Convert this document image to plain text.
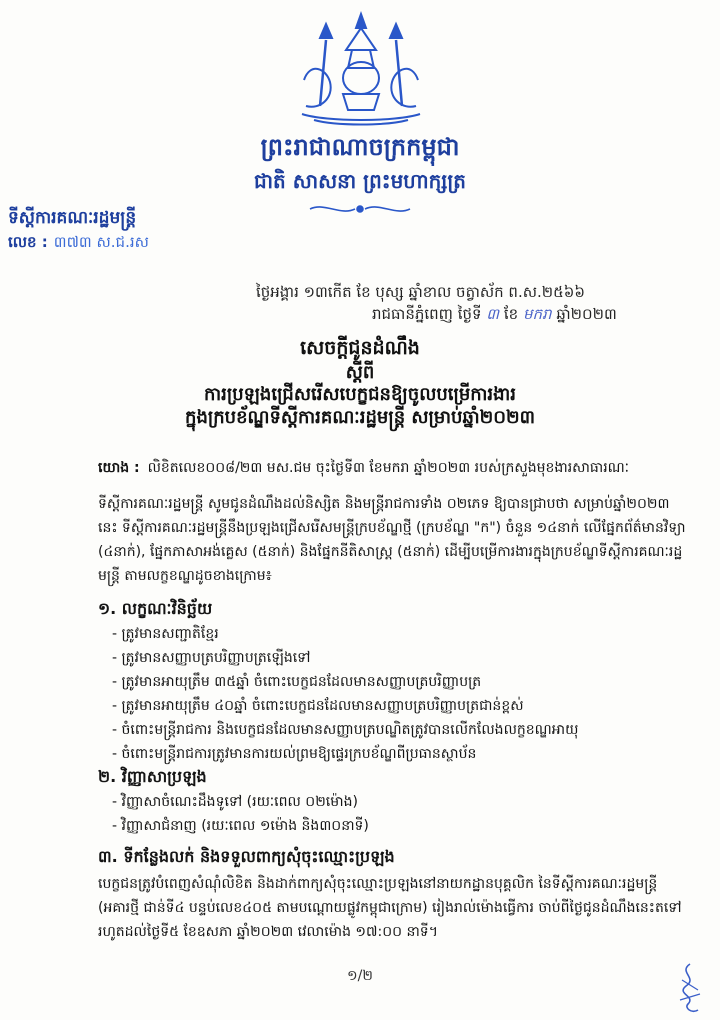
ព្រះរាជាណាចក្រកម្ពុជា
ជាតិ សាសនា ព្រះមហាក្សត្រ
ទីស្ដីការគណៈរដ្ឋមន្ត្រី
លេខ : ៣៧៣ ស.ជ.រស
ថ្ងៃអង្គារ ១៣កើត ខែ បុស្ស ឆ្នាំខាល ចត្វាស័ក ព.ស.២៥៦៦
រាជធានីភ្នំពេញ ថ្ងៃទី ៣ ខែ មករា ឆ្នាំ២០២៣
សេចក្តីជូនដំណឹង
ស្តីពី
ការប្រឡងជ្រើសរើសបេក្ខជនឱ្យចូលបម្រើការងារ
ក្នុងក្របខ័ណ្ឌទីស្តីការគណៈរដ្ឋមន្ត្រី សម្រាប់ឆ្នាំ២០២៣
យោង : លិខិតលេខ០០៨/២៣ មស.ជម ចុះថ្ងៃទី៣ ខែមករា ឆ្នាំ២០២៣ របស់ក្រសួងមុខងារសាធារណៈ
ទីស្តីការគណៈរដ្ឋមន្ត្រី សូមជូនដំណឹងដល់និស្សិត និងមន្ត្រីរាជការទាំង ០២ភេទ ឱ្យបានជ្រាបថា សម្រាប់ឆ្នាំ២០២៣ នេះ ទីស្តីការគណៈរដ្ឋមន្ត្រីនឹងប្រឡងជ្រើសរើសមន្ត្រីក្របខ័ណ្ឌថ្មី (ក្របខ័ណ្ឌ "ក") ចំនួន ១៤នាក់ លើផ្នែកព័ត៌មានវិទ្យា (៤នាក់), ផ្នែកភាសាអង់គ្លេស (៥នាក់) និងផ្នែកនីតិសាស្ត្រ (៥នាក់) ដើម្បីបម្រើការងារក្នុងក្របខ័ណ្ឌទីស្តីការគណៈរដ្ឋមន្ត្រី តាមលក្ខខណ្ឌដូចខាងក្រោម៖
១. លក្ខណៈវិនិច្ឆ័យ
- ត្រូវមានសញ្ជាតិខ្មែរ
- ត្រូវមានសញ្ញាបត្របរិញ្ញាបត្រឡើងទៅ
- ត្រូវមានអាយុត្រឹម ៣៥ឆ្នាំ ចំពោះបេក្ខជនដែលមានសញ្ញាបត្របរិញ្ញាបត្រ
- ត្រូវមានអាយុត្រឹម ៤០ឆ្នាំ ចំពោះបេក្ខជនដែលមានសញ្ញាបត្របរិញ្ញាបត្រជាន់ខ្ពស់
- ចំពោះមន្ត្រីរាជការ និងបេក្ខជនដែលមានសញ្ញាបត្របណ្ឌិតត្រូវបានលើកលែងលក្ខខណ្ឌអាយុ
- ចំពោះមន្ត្រីរាជការត្រូវមានការយល់ព្រមឱ្យផ្ទេរក្របខ័ណ្ឌពីប្រធានស្ថាប័ន
២. វិញ្ញាសាប្រឡង
- វិញ្ញាសាចំណេះដឹងទូទៅ (រយៈពេល ០២ម៉ោង)
- វិញ្ញាសាជំនាញ (រយៈពេល ១ម៉ោង និង៣០នាទី)
៣. ទីកន្លែងលក់ និងទទួលពាក្យសុំចុះឈ្មោះប្រឡង
បេក្ខជនត្រូវបំពេញសំណុំលិខិត និងដាក់ពាក្យសុំចុះឈ្មោះប្រឡងនៅនាយកដ្ឋានបុគ្គលិក នៃទីស្តីការគណៈរដ្ឋមន្ត្រី (អគារថ្មី ជាន់ទី៤ បន្ទប់លេខ៤០៥ តាមបណ្តោយផ្លូវកម្ពុជាក្រោម) រៀងរាល់ម៉ោងធ្វើការ ចាប់ពីថ្ងៃជូនដំណឹងនេះតទៅ រហូតដល់ថ្ងៃទី៥ ខែឧសភា ឆ្នាំ២០២៣ វេលាម៉ោង ១៧:០០ នាទី។
១/២
